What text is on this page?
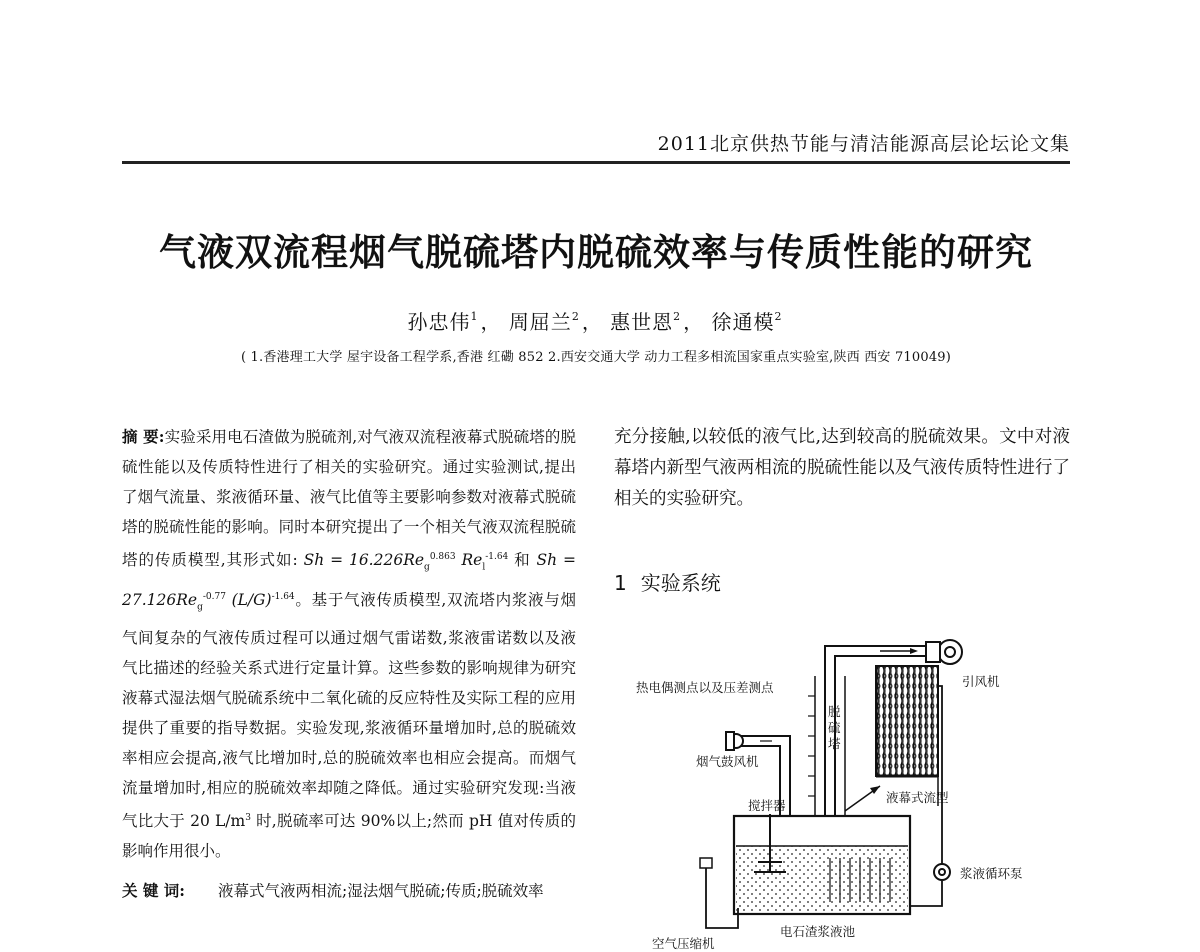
2011北京供热节能与清洁能源高层论坛论文集
气液双流程烟气脱硫塔内脱硫效率与传质性能的研究
孙忠伟$^1$ ， 周屈兰$^2$ ， 惠世恩$^2$ ， 徐通模$^2$
( 1.香港理工大学 屋宇设备工程学系,香港 红磡 852 2.西安交通大学 动力工程多相流国家重点实验室,陕西 西安 710049)

摘 要:实验采用电石渣做为脱硫剂,对气液双流程液幕式脱硫塔的脱硫性能以及传质特性进行了相关的实验研究。通过实验测试,提出了烟气流量、浆液循环量、液气比值等主要影响参数对液幕式脱硫塔的脱硫性能的影响。同时本研究提出了一个相关气液双流程脱硫塔的传质模型,其形式如: $Sh = 16.226Re_g^{0.863}$ $Re_l^{-1.64}$ 和 $Sh = 27.126Re_g^{-0.77}$ $(L/G)^{-1.64}$。基于气液传质模型,双流塔内浆液与烟气间复杂的气液传质过程可以通过烟气雷诺数,浆液雷诺数以及液气比描述的经验关系式进行定量计算。这些参数的影响规律为研究液幕式湿法烟气脱硫系统中二氧化硫的反应特性及实际工程的应用提供了重要的指导数据。实验发现,浆液循环量增加时,总的脱硫效率相应会提高,液气比增加时,总的脱硫效率也相应会提高。而烟气流量增加时,相应的脱硫效率却随之降低。通过实验研究发现:当液气比大于 20 $L/m^3$ 时,脱硫率可达 90%以上;然而 pH 值对传质的影响作用很小。

关 键 词: 液幕式气液两相流;湿法烟气脱硫;传质;脱硫效率

充分接触,以较低的液气比,达到较高的脱硫效果。文中对液幕塔内新型气液两相流的脱硫性能以及气液传质特性进行了相关的实验研究。

1 实验系统
热电偶测点以及压差测点	引风机
脱硫塔
烟气鼓风机
液幕式流型
搅拌器
浆液循环泵
电石渣浆液池
空气压缩机
